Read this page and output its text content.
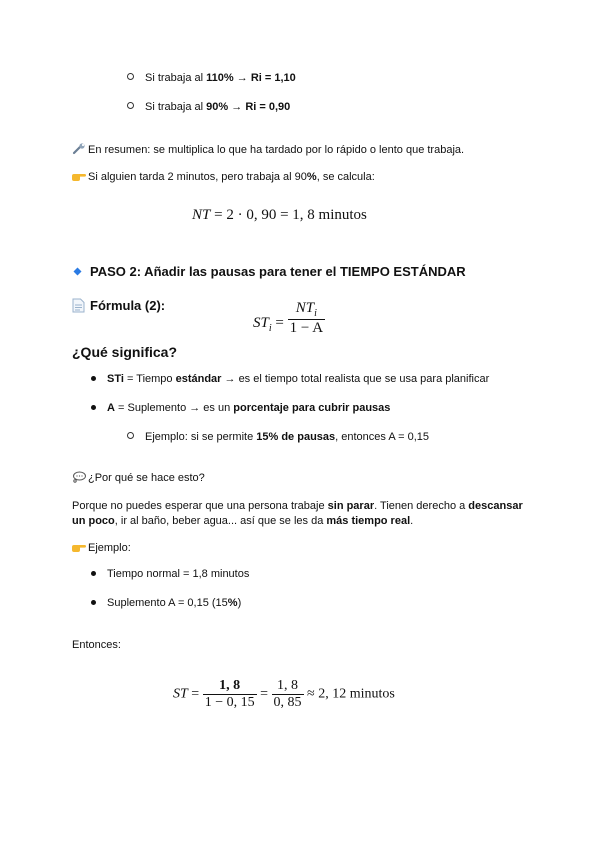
Si trabaja al 110% → Ri = 1,10
Si trabaja al 90% → Ri = 0,90
En resumen: se multiplica lo que ha tardado por lo rápido o lento que trabaja.
Si alguien tarda 2 minutos, pero trabaja al 90%, se calcula:
NT = 2 · 0, 90 = 1, 8 minutos
PASO 2: Añadir las pausas para tener el TIEMPO ESTÁNDAR
Fórmula (2):
$ST_i = \frac{NT_i}{1 - A}$
¿Qué significa?
STi = Tiempo estándar → es el tiempo total realista que se usa para planificar
A = Suplemento → es un porcentaje para cubrir pausas
Ejemplo: si se permite 15% de pausas, entonces A = 0,15
¿Por qué se hace esto?
Porque no puedes esperar que una persona trabaje sin parar. Tienen derecho a descansar
un poco, ir al baño, beber agua... así que se les da más tiempo real.
Ejemplo:
Tiempo normal = 1,8 minutos
Suplemento A = 0,15 (15%)
Entonces:
ST = $\frac{1, 8}{1 - 0, 15} = \frac{1, 8}{0, 85} \approx 2$, 12 minutos
